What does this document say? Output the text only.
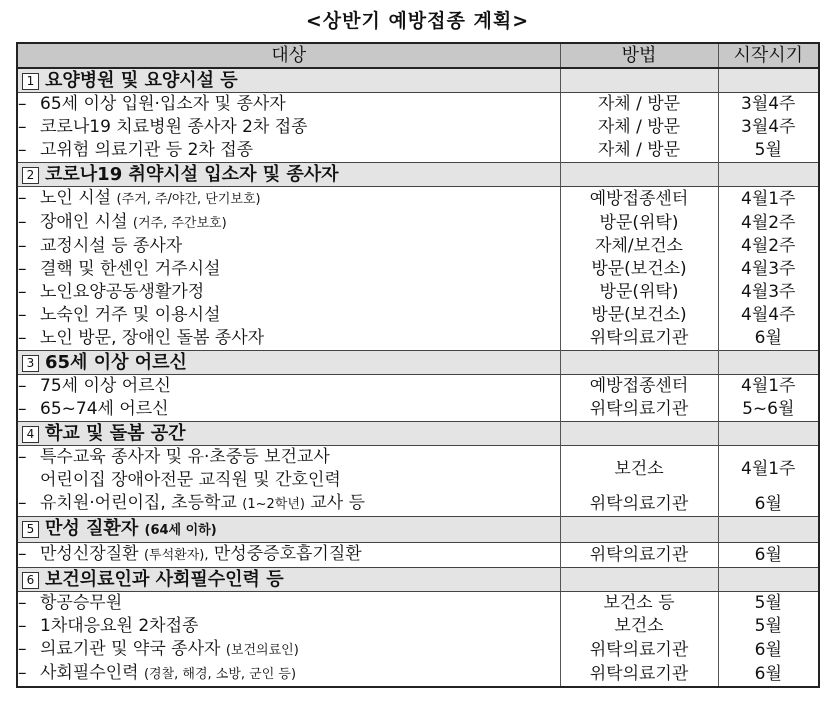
<상반기 예방접종 계획>
대상	방법	시작시기
1 요양병원 및 요양시설 등		
– 65세 이상 입원·입소자 및 종사자	자체 / 방문	3월4주
– 코로나19 치료병원 종사자 2차 접종	자체 / 방문	3월4주
– 고위험 의료기관 등 2차 접종	자체 / 방문	5월
2 코로나19 취약시설 입소자 및 종사자		
– 노인 시설 (주거, 주/야간, 단기보호)	예방접종센터	4월1주
– 장애인 시설 (거주, 주간보호)	방문(위탁)	4월2주
– 교정시설 등 종사자	자체/보건소	4월2주
– 결핵 및 한센인 거주시설	방문(보건소)	4월3주
– 노인요양공동생활가정	방문(위탁)	4월3주
– 노숙인 거주 및 이용시설	방문(보건소)	4월4주
– 노인 방문, 장애인 돌봄 종사자	위탁의료기관	6월
3 65세 이상 어르신		
– 75세 이상 어르신	예방접종센터	4월1주
– 65~74세 어르신	위탁의료기관	5~6월
4 학교 및 돌봄 공간		
– 특수교육 종사자 및 유·초중등 보건교사
어린이집 장애아전문 교직원 및 간호인력	보건소	4월1주
– 유치원·어린이집, 초등학교 (1~2학년) 교사 등	위탁의료기관	6월
5 만성 질환자 (64세 이하)		
– 만성신장질환 (투석환자), 만성중증호흡기질환	위탁의료기관	6월
6 보건의료인과 사회필수인력 등		
– 항공승무원	보건소 등	5월
– 1차대응요원 2차접종	보건소	5월
– 의료기관 및 약국 종사자 (보건의료인)	위탁의료기관	6월
– 사회필수인력 (경찰, 해경, 소방, 군인 등)	위탁의료기관	6월
